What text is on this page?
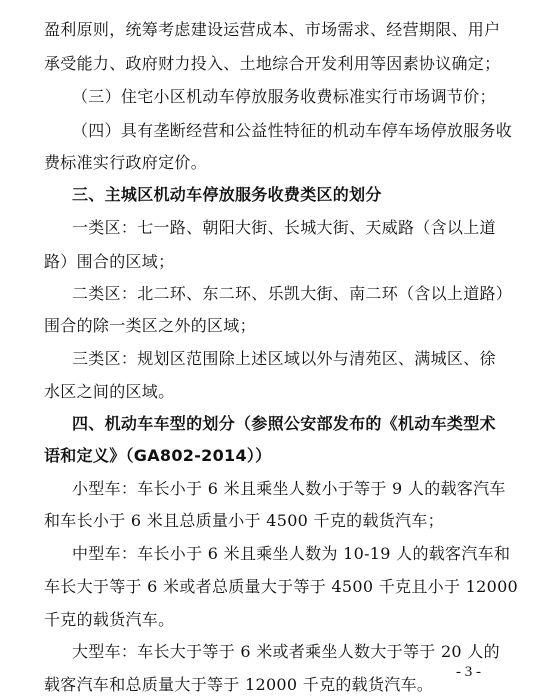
盈利原则，统筹考虑建设运营成本、市场需求、经营期限、用户
承受能力、政府财力投入、土地综合开发利用等因素协议确定；
（三）住宅小区机动车停放服务收费标准实行市场调节价；
（四）具有垄断经营和公益性特征的机动车停车场停放服务收
费标准实行政府定价。
三、主城区机动车停放服务收费类区的划分
一类区：七一路、朝阳大街、长城大街、天威路（含以上道
路）围合的区域；
二类区：北二环、东二环、乐凯大街、南二环（含以上道路）
围合的除一类区之外的区域；
三类区：规划区范围除上述区域以外与清苑区、满城区、徐
水区之间的区域。
四、机动车车型的划分（参照公安部发布的《机动车类型术
语和定义》（GA802-2014））
小型车：车长小于 6 米且乘坐人数小于等于 9 人的载客汽车
和车长小于 6 米且总质量小于 4500 千克的载货汽车；
中型车：车长小于 6 米且乘坐人数为 10-19 人的载客汽车和
车长大于等于 6 米或者总质量大于等于 4500 千克且小于 12000
千克的载货汽车。
大型车：车长大于等于 6 米或者乘坐人数大于等于 20 人的
载客汽车和总质量大于等于 12000 千克的载货汽车。
- 3 -
